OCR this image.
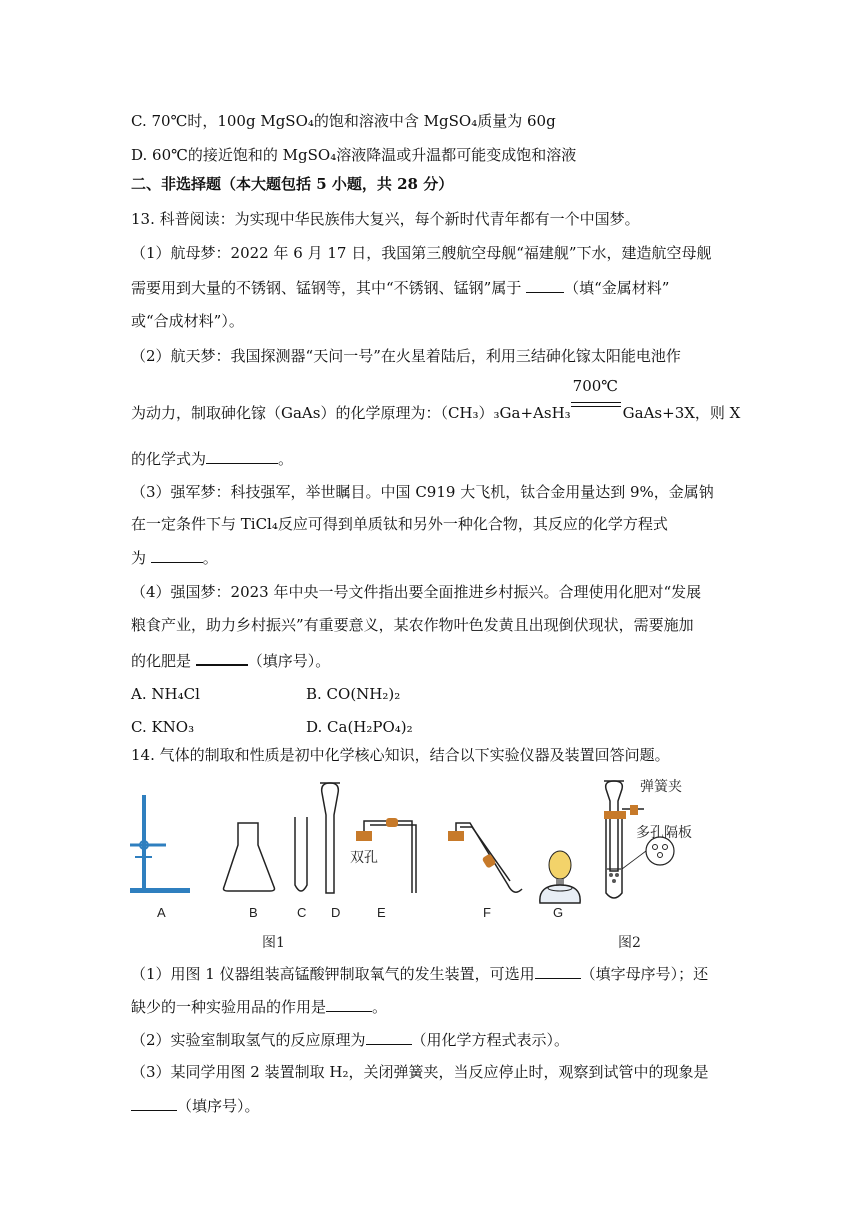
C. 70℃时，100g MgSO₄的饱和溶液中含 MgSO₄质量为 60g
D. 60℃的接近饱和的 MgSO₄溶液降温或升温都可能变成饱和溶液
二、非选择题（本大题包括 5 小题，共 28 分）
13. 科普阅读：为实现中华民族伟大复兴，每个新时代青年都有一个中国梦。
（1）航母梦：2022 年 6 月 17 日，我国第三艘航空母舰“福建舰”下水，建造航空母舰
需要用到大量的不锈钢、锰钢等，其中“不锈钢、锰钢”属于	（填“金属材料”
或“合成材料”）。
（2）航天梦：我国探测器“天问一号”在火星着陆后，利用三结砷化镓太阳能电池作
为动力，制取砷化镓（GaAs）的化学原理为：（CH₃）₃Ga+AsH₃
700℃
GaAs+3X，则 X
的化学式为	。
（3）强军梦：科技强军，举世瞩目。中国 C919 大飞机，钛合金用量达到 9%，金属钠
在一定条件下与 TiCl₄反应可得到单质钛和另外一种化合物，其反应的化学方程式
为	。
（4）强国梦：2023 年中央一号文件指出要全面推进乡村振兴。合理使用化肥对“发展
粮食产业，助力乡村振兴”有重要意义，某农作物叶色发黄且出现倒伏现状，需要施加
的化肥是	（填序号）。
A. NH₄Cl	B. CO(NH₂)₂
C. KNO₃	D. Ca(H₂PO₄)₂
14. 气体的制取和性质是初中化学核心知识，结合以下实验仪器及装置回答问题。
A	B	C D	E	F	G
双孔
弹簧夹
多孔隔板
图1	图2
（1）用图 1 仪器组装高锰酸钾制取氧气的发生装置，可选用	（填字母序号）；还
缺少的一种实验用品的作用是	。
（2）实验室制取氢气的反应原理为	（用化学方程式表示）。
（3）某同学用图 2 装置制取 H₂，关闭弹簧夹，当反应停止时，观察到试管中的现象是
（填序号）。
